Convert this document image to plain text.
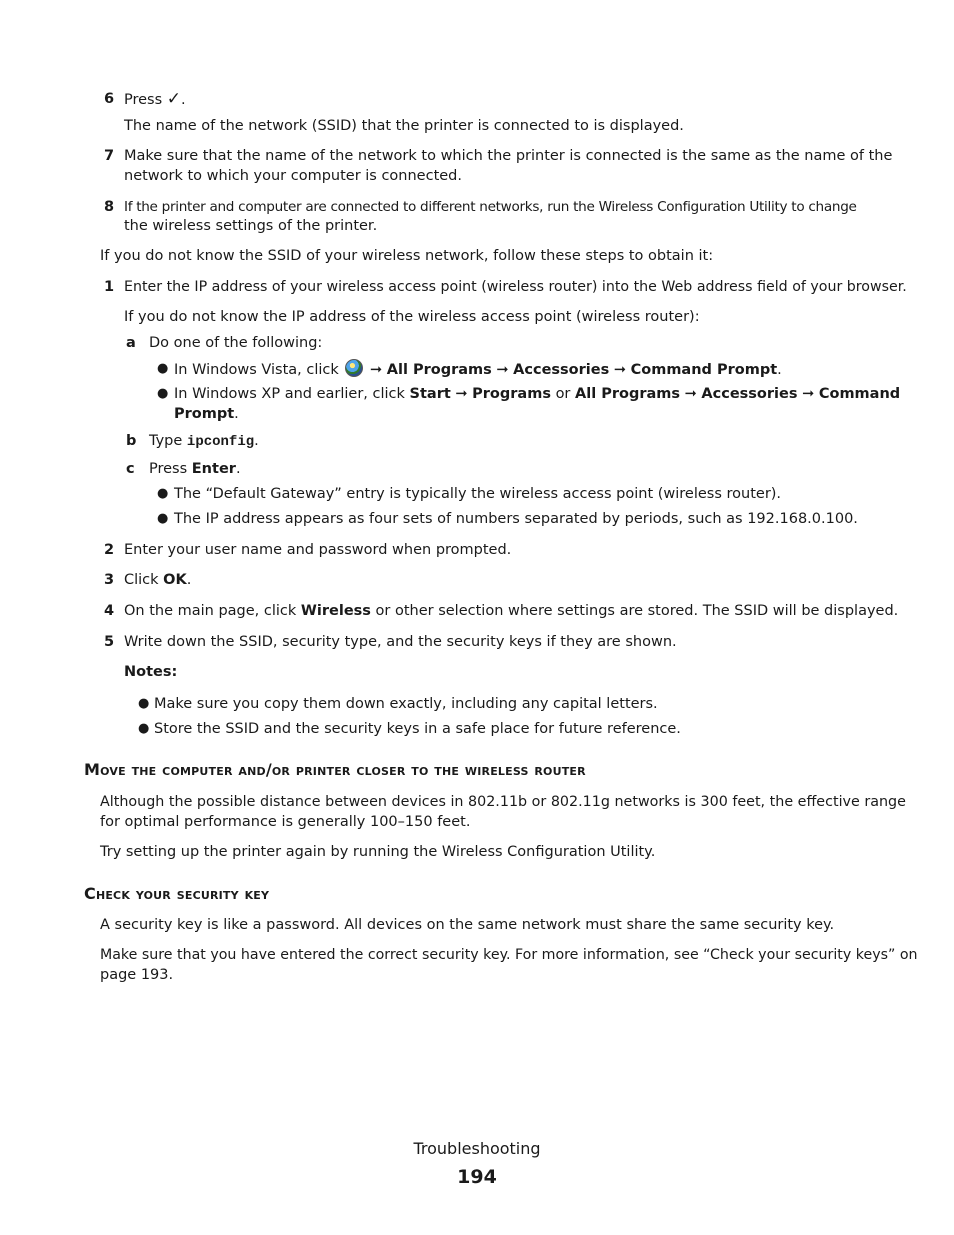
6 Press ✓.

The name of the network (SSID) that the printer is connected to is displayed.

7 Make sure that the name of the network to which the printer is connected is the same as the name of the

network to which your computer is connected.

8 If the printer and computer are connected to different networks, run the Wireless Configuration Utility to change

the wireless settings of the printer.

If you do not know the SSID of your wireless network, follow these steps to obtain it:

1 Enter the IP address of your wireless access point (wireless router) into the Web address field of your browser.

If you do not know the IP address of the wireless access point (wireless router):

a Do one of the following:

● In Windows Vista, click ➞ All Programs ➞ Accessories ➞ Command Prompt.

● In Windows XP and earlier, click Start ➞ Programs or All Programs ➞ Accessories ➞ Command

Prompt.

b Type ipconfig.

c Press Enter.

● The “Default Gateway” entry is typically the wireless access point (wireless router).

● The IP address appears as four sets of numbers separated by periods, such as 192.168.0.100.

2 Enter your user name and password when prompted.

3 Click OK.

4 On the main page, click Wireless or other selection where settings are stored. The SSID will be displayed.

5 Write down the SSID, security type, and the security keys if they are shown.

Notes:

● Make sure you copy them down exactly, including any capital letters.

● Store the SSID and the security keys in a safe place for future reference.

Move the computer and/or printer closer to the wireless router

Although the possible distance between devices in 802.11b or 802.11g networks is 300 feet, the effective range

for optimal performance is generally 100–150 feet.

Try setting up the printer again by running the Wireless Configuration Utility.

Check your security key

A security key is like a password. All devices on the same network must share the same security key.

Make sure that you have entered the correct security key. For more information, see “Check your security keys” on

page 193.

Troubleshooting
194
